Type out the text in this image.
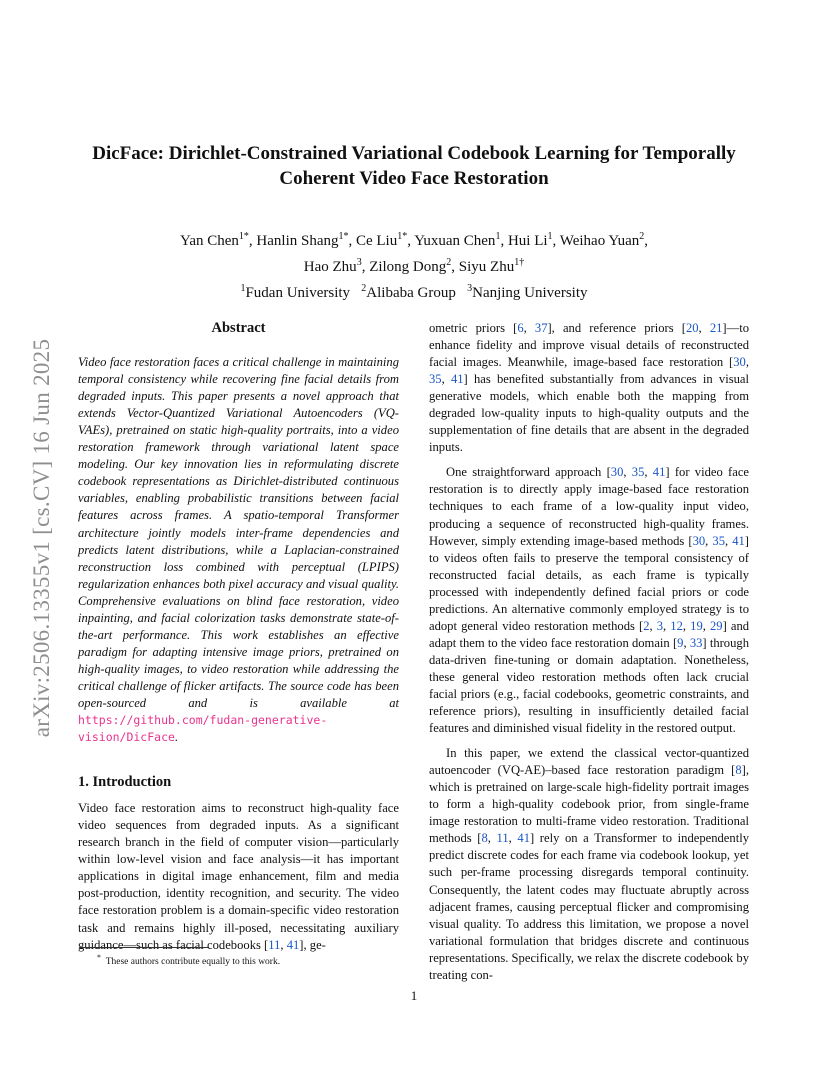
arXiv:2506.13355v1 [cs.CV] 16 Jun 2025
DicFace: Dirichlet-Constrained Variational Codebook Learning for Temporally
Coherent Video Face Restoration
Yan Chen$^{1*}$, Hanlin Shang$^{1*}$, Ce Liu$^{1*}$, Yuxuan Chen$^1$, Hui Li$^1$, Weihao Yuan$^2$,
Hao Zhu$^3$, Zilong Dong$^2$, Siyu Zhu$^{1\dagger}$
$^1$Fudan University $^2$Alibaba Group $^3$Nanjing University
Abstract

Video face restoration faces a critical challenge in maintaining temporal consistency while recovering fine facial details from degraded inputs. This paper presents a novel approach that extends Vector-Quantized Variational Autoencoders (VQ-VAEs), pretrained on static high-quality portraits, into a video restoration framework through variational latent space modeling. Our key innovation lies in reformulating discrete codebook representations as Dirichlet-distributed continuous variables, enabling probabilistic transitions between facial features across frames. A spatio-temporal Transformer architecture jointly models inter-frame dependencies and predicts latent distributions, while a Laplacian-constrained reconstruction loss combined with perceptual (LPIPS) regularization enhances both pixel accuracy and visual quality. Comprehensive evaluations on blind face restoration, video inpainting, and facial colorization tasks demonstrate state-of-the-art performance. This work establishes an effective paradigm for adapting intensive image priors, pretrained on high-quality images, to video restoration while addressing the critical challenge of flicker artifacts. The source code has been open-sourced and is available at https://github.com/fudan-generative-vision/DicFace.

1. Introduction

Video face restoration aims to reconstruct high-quality face video sequences from degraded inputs. As a significant research branch in the field of computer vision—particularly within low-level vision and face analysis—it has important applications in digital image enhancement, film and media post-production, identity recognition, and security. The video face restoration problem is a domain-specific video restoration task and remains highly ill-posed, necessitating auxiliary guidance—such as facial codebooks [11, 41], ge-

ometric priors [6, 37], and reference priors [20, 21]—to enhance fidelity and improve visual details of reconstructed facial images. Meanwhile, image-based face restoration [30, 35, 41] has benefited substantially from advances in visual generative models, which enable both the mapping from degraded low-quality inputs to high-quality outputs and the supplementation of fine details that are absent in the degraded inputs.

One straightforward approach [30, 35, 41] for video face restoration is to directly apply image-based face restoration techniques to each frame of a low-quality input video, producing a sequence of reconstructed high-quality frames. However, simply extending image-based methods [30, 35, 41] to videos often fails to preserve the temporal consistency of reconstructed facial details, as each frame is typically processed with independently defined facial priors or code predictions. An alternative commonly employed strategy is to adopt general video restoration methods [2, 3, 12, 19, 29] and adapt them to the video face restoration domain [9, 33] through data-driven fine-tuning or domain adaptation. Nonetheless, these general video restoration methods often lack crucial facial priors (e.g., facial codebooks, geometric constraints, and reference priors), resulting in insufficiently detailed facial features and diminished visual fidelity in the restored output.

In this paper, we extend the classical vector-quantized autoencoder (VQ-AE)–based face restoration paradigm [8], which is pretrained on large-scale high-fidelity portrait images to form a high-quality codebook prior, from single-frame image restoration to multi-frame video restoration. Traditional methods [8, 11, 41] rely on a Transformer to independently predict discrete codes for each frame via codebook lookup, yet such per-frame processing disregards temporal continuity. Consequently, the latent codes may fluctuate abruptly across adjacent frames, causing perceptual flicker and compromising visual quality. To address this limitation, we propose a novel variational formulation that bridges discrete and continuous representations. Specifically, we relax the discrete codebook by treating con-

* These authors contribute equally to this work.
1
